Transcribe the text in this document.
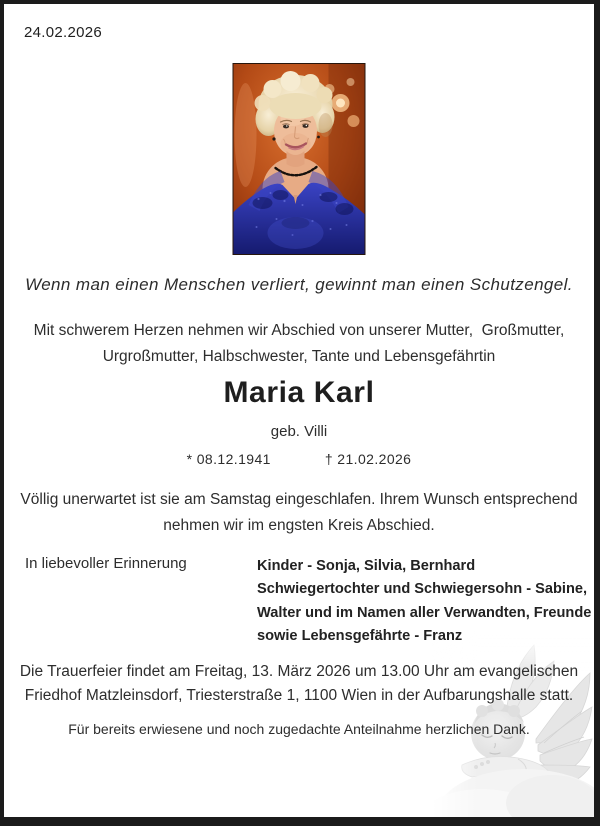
24.02.2026
Wenn man einen Menschen verliert, gewinnt man einen Schutzengel.
Mit schwerem Herzen nehmen wir Abschied von unserer Mutter,  Großmutter,
Urgroßmutter, Halbschwester, Tante und Lebensgefährtin
Maria Karl
geb. Villi
* 08.12.1941	† 21.02.2026
Völlig unerwartet ist sie am Samstag eingeschlafen. Ihrem Wunsch entsprechend
nehmen wir im engsten Kreis Abschied.
In liebevoller Erinnerung	Kinder - Sonja, Silvia, Bernhard
Schwiegertochter und Schwiegersohn - Sabine,
Walter und im Namen aller Verwandten, Freunde
sowie Lebensgefährte - Franz
Die Trauerfeier findet am Freitag, 13. März 2026 um 13.00 Uhr am evangelischen
Friedhof Matzleinsdorf, Triesterstraße 1, 1100 Wien in der Aufbarungshalle statt.
Für bereits erwiesene und noch zugedachte Anteilnahme herzlichen Dank.
